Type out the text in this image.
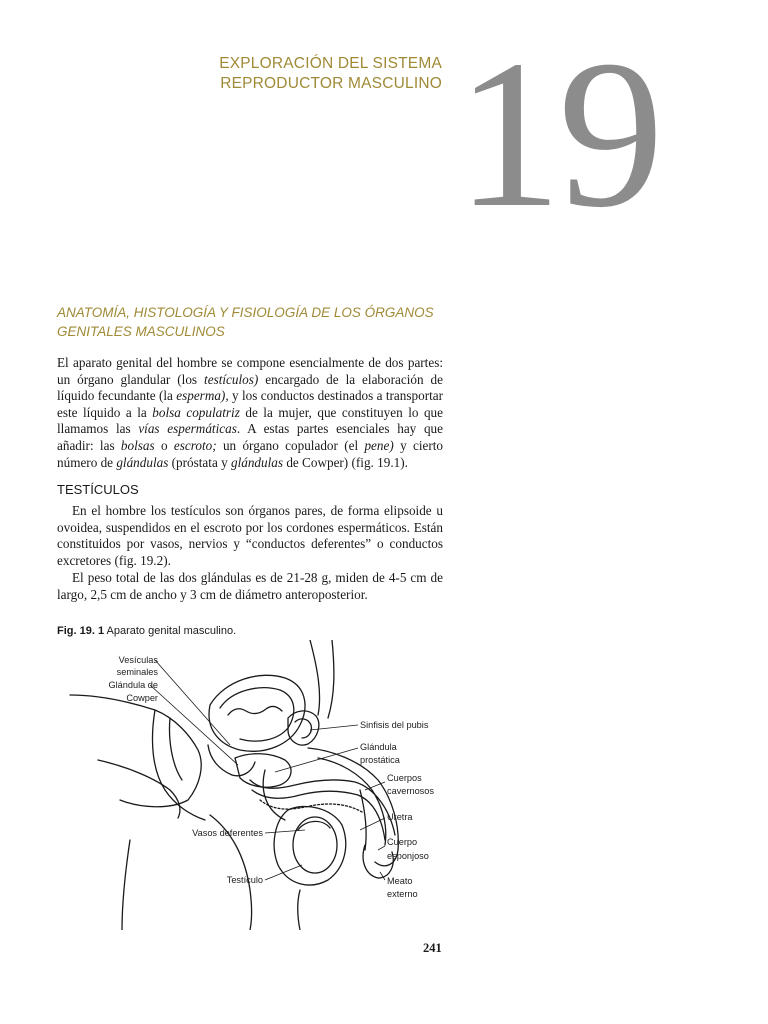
EXPLORACIÓN DEL SISTEMA
REPRODUCTOR MASCULINO 19
ANATOMÍA, HISTOLOGÍA Y FISIOLOGÍA DE LOS ÓRGANOS
GENITALES MASCULINOS

El aparato genital del hombre se compone esencialmente de dos partes: un órgano glandular (los testículos) encargado de la elaboración de líquido fecundante (la esperma), y los conductos destinados a transportar este líquido a la bolsa copulatriz de la mujer, que constituyen lo que llamamos las vías espermáticas. A estas partes esenciales hay que añadir: las bolsas o escroto; un órgano copulador (el pene) y cierto número de glándulas (próstata y glándulas de Cowper) (fig. 19.1).

TESTÍCULOS

En el hombre los testículos son órganos pares, de forma elipsoide u ovoidea, suspendidos en el escroto por los cordones espermáticos. Están constituidos por vasos, nervios y “conductos deferentes” o conductos excretores (fig. 19.2).

El peso total de las dos glándulas es de 21-28 g, miden de 4-5 cm de largo, 2,5 cm de ancho y 3 cm de diámetro anteroposterior.

Fig. 19. 1 Aparato genital masculino.
Vesículas
seminales
Glándula de
Cowper
Sinfisis del pubis
Glándula
prostática
Cuerpos
cavernosos
Uretra
Cuerpo
esponjoso
Meato
externo
Vasos deferentes
Testículo
241
